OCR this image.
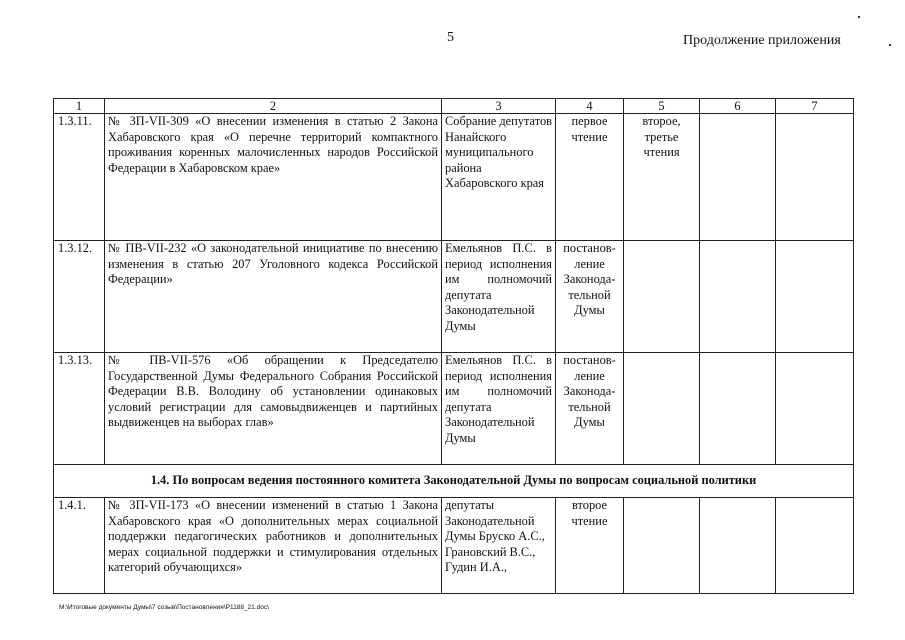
5	Продолжение приложения
1	2	3	4	5	6	7
1.3.11.	№ ЗП-VII-309 «О внесении изменения в статью 2 Закона Хабаровского края «О перечне территорий компактного проживания коренных малочисленных народов Российской Федерации в Хабаровском крае»	Собрание депутатов Нанайского муниципального района Хабаровского края	первое чтение	второе, третье чтения		
1.3.12.	№ ПВ-VII-232 «О законодательной инициативе по внесению изменения в статью 207 Уголовного кодекса Российской Федерации»	Емельянов П.С. в период исполнения им полномочий депутата Законодательной Думы	постанов-ление Законода-тельной Думы			
1.3.13.	№ ПВ-VII-576 «Об обращении к Председателю Государственной Думы Федерального Собрания Российской Федерации В.В. Володину об установлении одинаковых условий регистрации для самовыдвиженцев и партийных выдвиженцев на выборах глав»	Емельянов П.С. в период исполнения им полномочий депутата Законодательной Думы	постанов-ление Законода-тельной Думы			
1.4. По вопросам ведения постоянного комитета Законодательной Думы по вопросам социальной политики						
1.4.1.	№ ЗП-VII-173 «О внесении изменений в статью 1 Закона Хабаровского края «О дополнительных мерах социальной поддержки педагогических работников и дополнительных мерах социальной поддержки и стимулирования отдельных категорий обучающихся»	депутаты Законодательной Думы Бруско А.С., Грановский В.С., Гудин И.А.,	второе чтение			
M:\Итоговые документы Думы\7 созыв\Постановления\Р1188_21.doc\
